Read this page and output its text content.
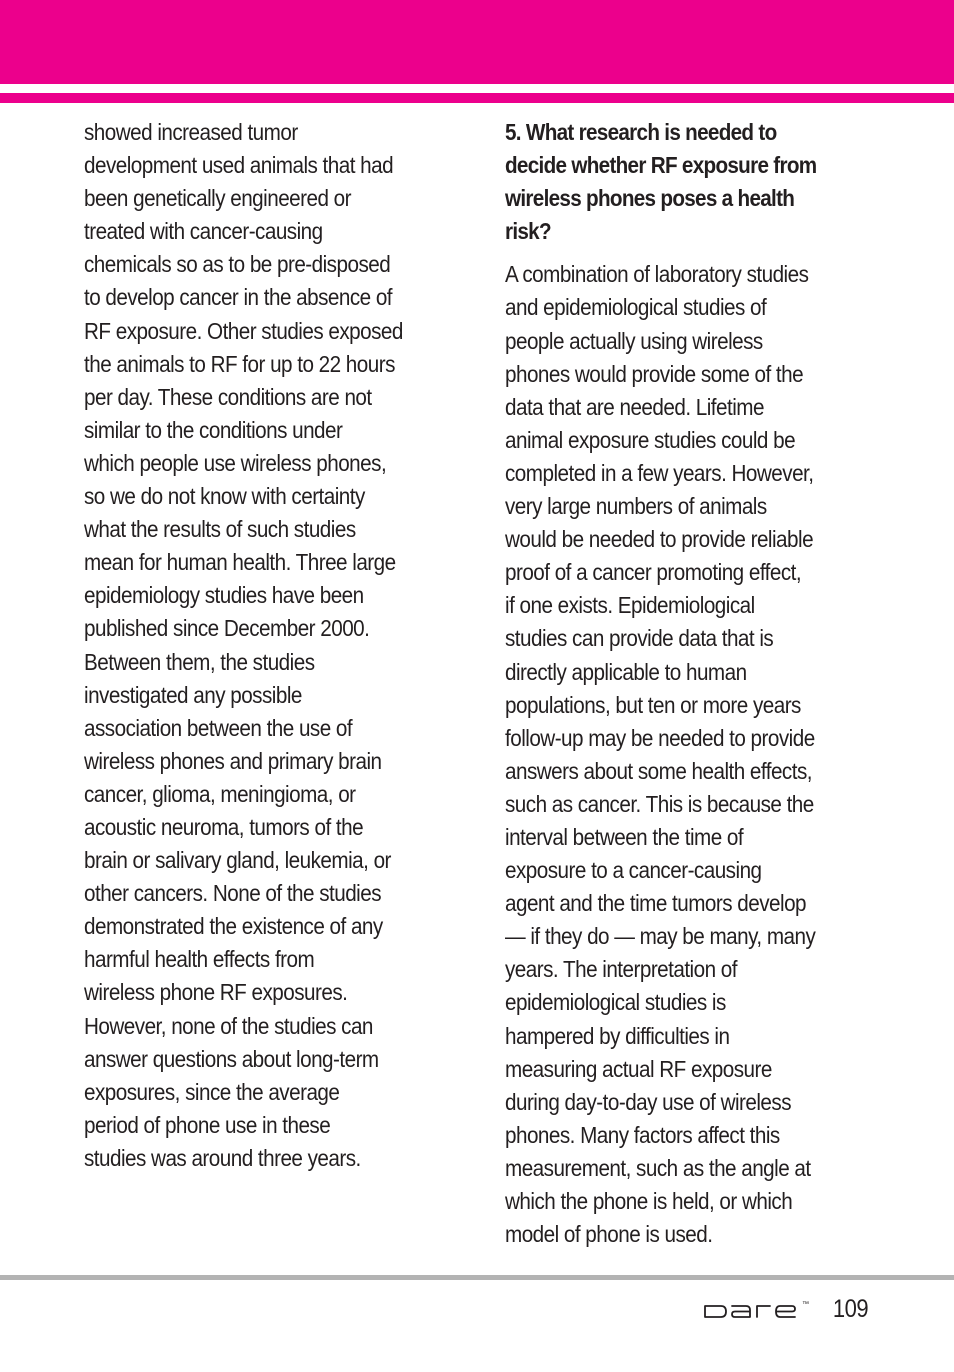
showed increased tumor
development used animals that had
been genetically engineered or
treated with cancer-causing
chemicals so as to be pre-disposed
to develop cancer in the absence of
RF exposure. Other studies exposed
the animals to RF for up to 22 hours
per day. These conditions are not
similar to the conditions under
which people use wireless phones,
so we do not know with certainty
what the results of such studies
mean for human health. Three large
epidemiology studies have been
published since December 2000.
Between them, the studies
investigated any possible
association between the use of
wireless phones and primary brain
cancer, glioma, meningioma, or
acoustic neuroma, tumors of the
brain or salivary gland, leukemia, or
other cancers. None of the studies
demonstrated the existence of any
harmful health effects from
wireless phone RF exposures.
However, none of the studies can
answer questions about long-term
exposures, since the average
period of phone use in these
studies was around three years.
5. What research is needed to
decide whether RF exposure from
wireless phones poses a health
risk?
A combination of laboratory studies
and epidemiological studies of
people actually using wireless
phones would provide some of the
data that are needed. Lifetime
animal exposure studies could be
completed in a few years. However,
very large numbers of animals
would be needed to provide reliable
proof of a cancer promoting effect,
if one exists. Epidemiological
studies can provide data that is
directly applicable to human
populations, but ten or more years
follow-up may be needed to provide
answers about some health effects,
such as cancer. This is because the
interval between the time of
exposure to a cancer-causing
agent and the time tumors develop
— if they do — may be many, many
years. The interpretation of
epidemiological studies is
hampered by difficulties in
measuring actual RF exposure
during day-to-day use of wireless
phones. Many factors affect this
measurement, such as the angle at
which the phone is held, or which
model of phone is used.
™ 109
